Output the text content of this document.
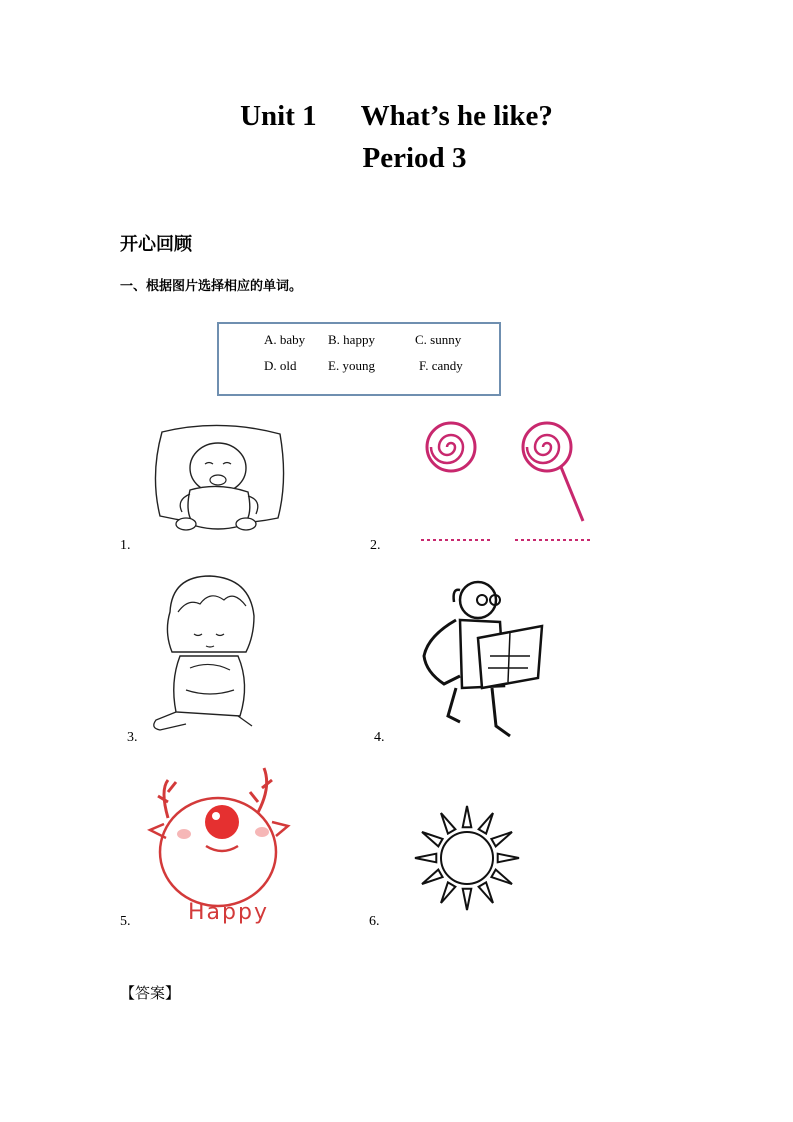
Unit 1 What’s he like?
Period 3
开心回顾
一、根据图片选择相应的单词。
A. baby B. happy	C. sunny
D. old E. young	F. candy
1.	2.
3.	4.
Happy
5.	6.
【答案】
